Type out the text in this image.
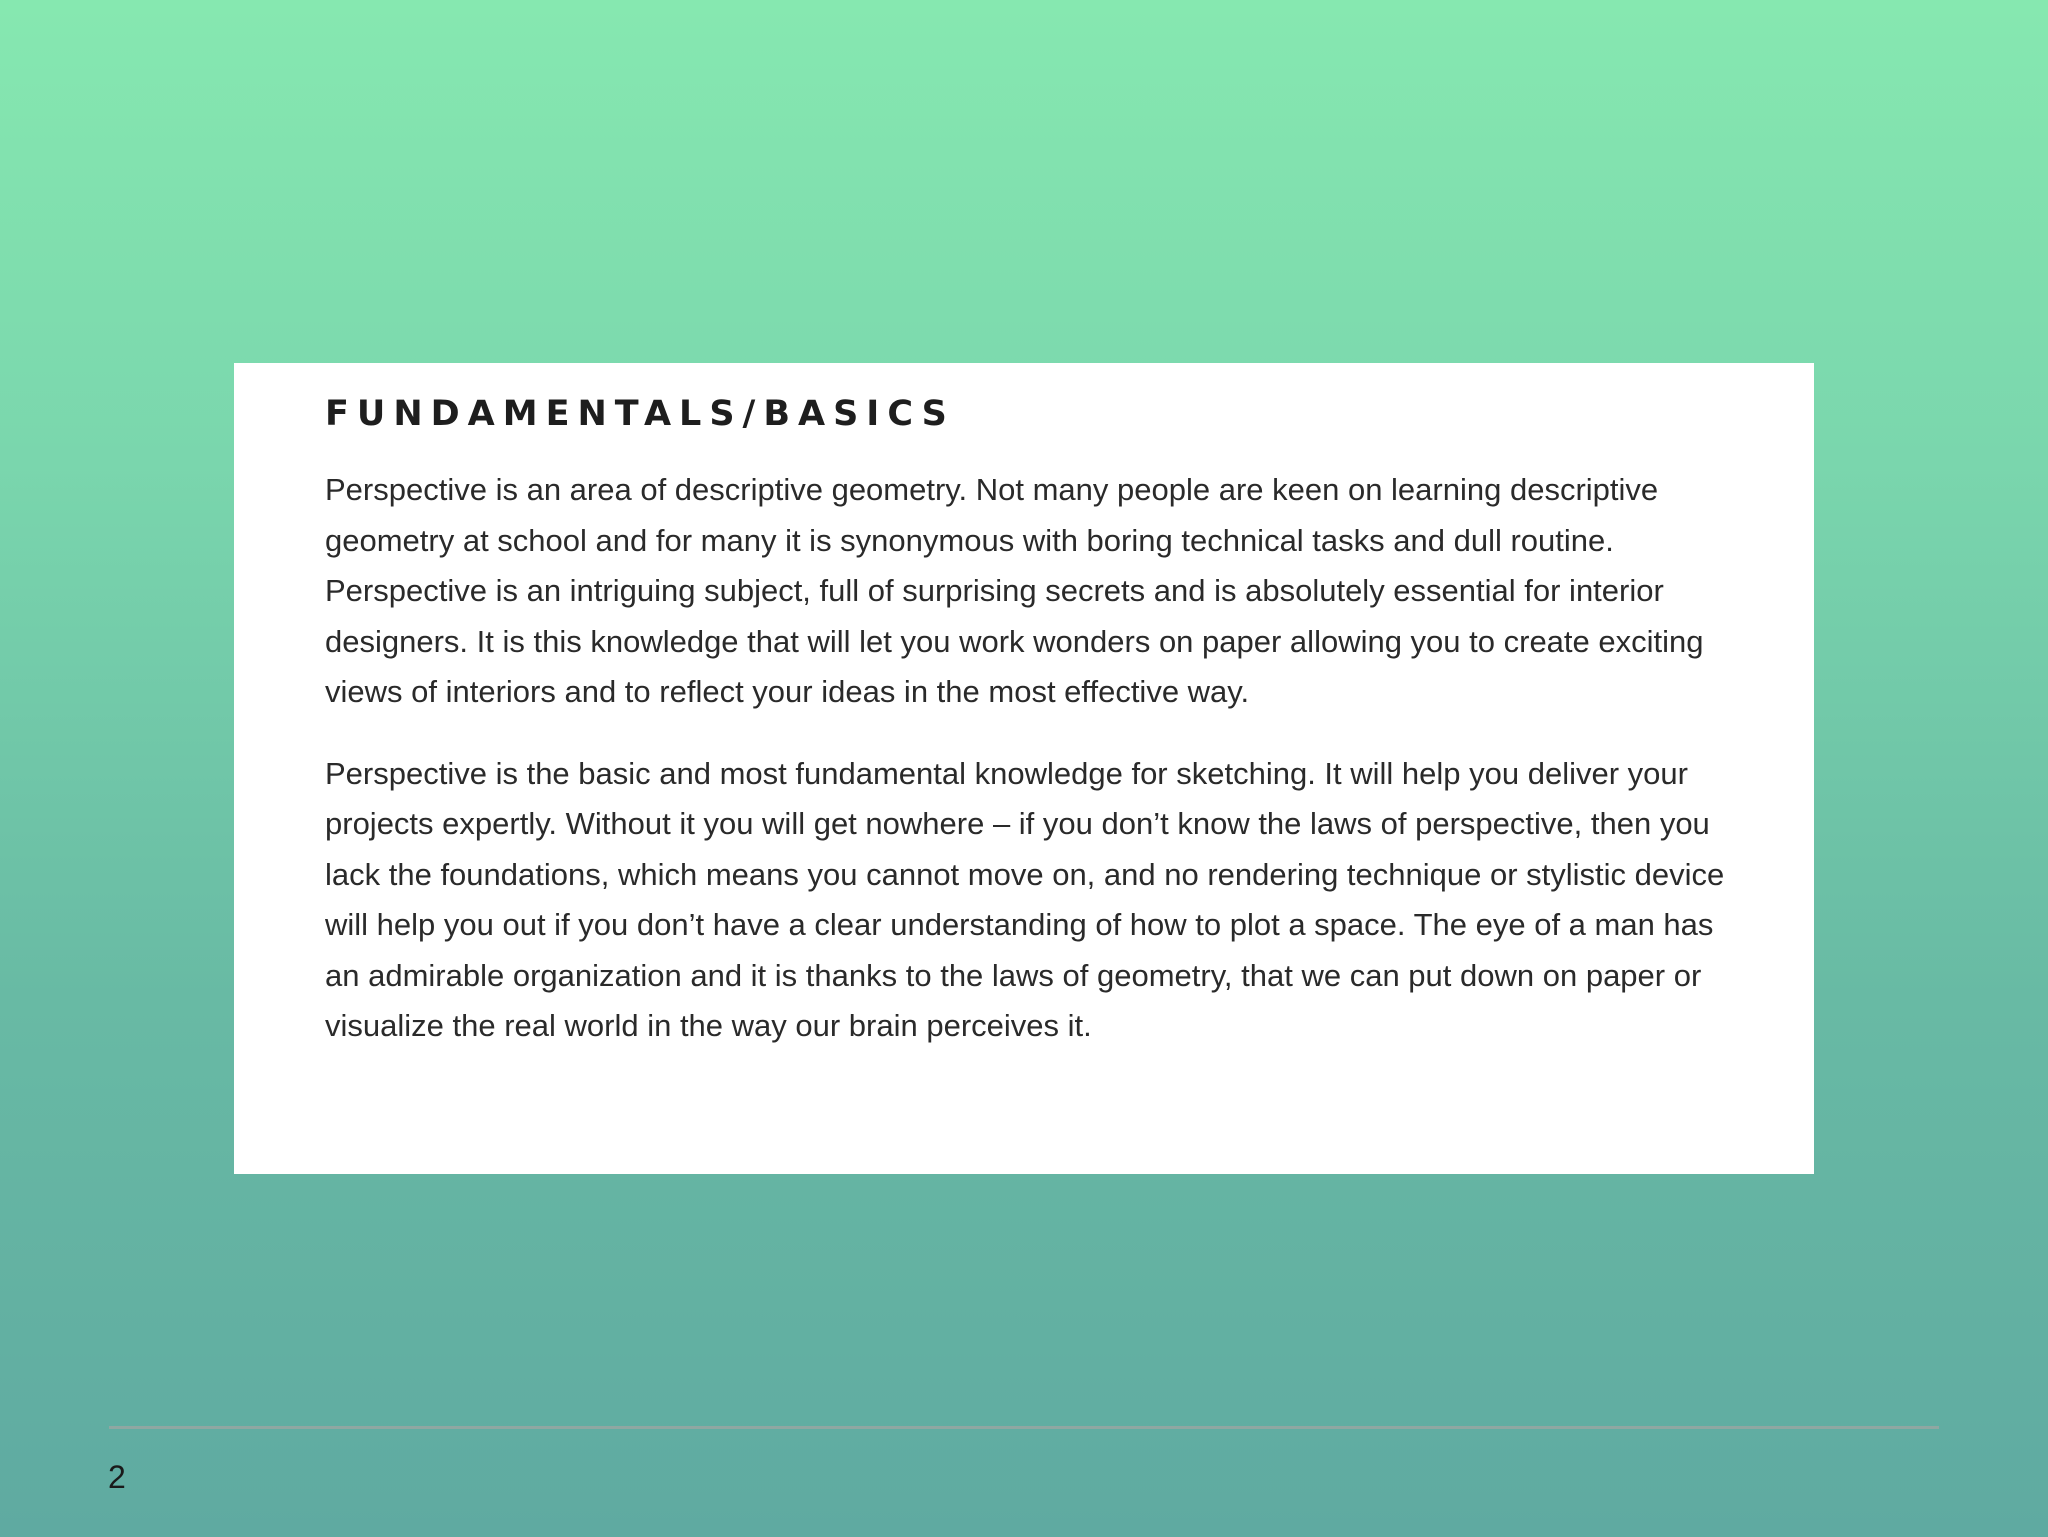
FUNDAMENTALS/BASICS

Perspective is an area of descriptive geometry. Not many people are keen on learning descriptive geometry at school and for many it is synonymous with boring technical tasks and dull routine. Perspective is an intriguing subject, full of surprising secrets and is absolutely essential for interior designers. It is this knowledge that will let you work wonders on paper allowing you to create exciting views of interiors and to reflect your ideas in the most effective way.

Perspective is the basic and most fundamental knowledge for sketching. It will help you deliver your projects expertly. Without it you will get nowhere – if you don’t know the laws of perspective, then you lack the foundations, which means you cannot move on, and no rendering technique or stylistic device will help you out if you don’t have a clear understanding of how to plot a space. The eye of a man has an admirable organization and it is thanks to the laws of geometry, that we can put down on paper or visualize the real world in the way our brain perceives it.

2
